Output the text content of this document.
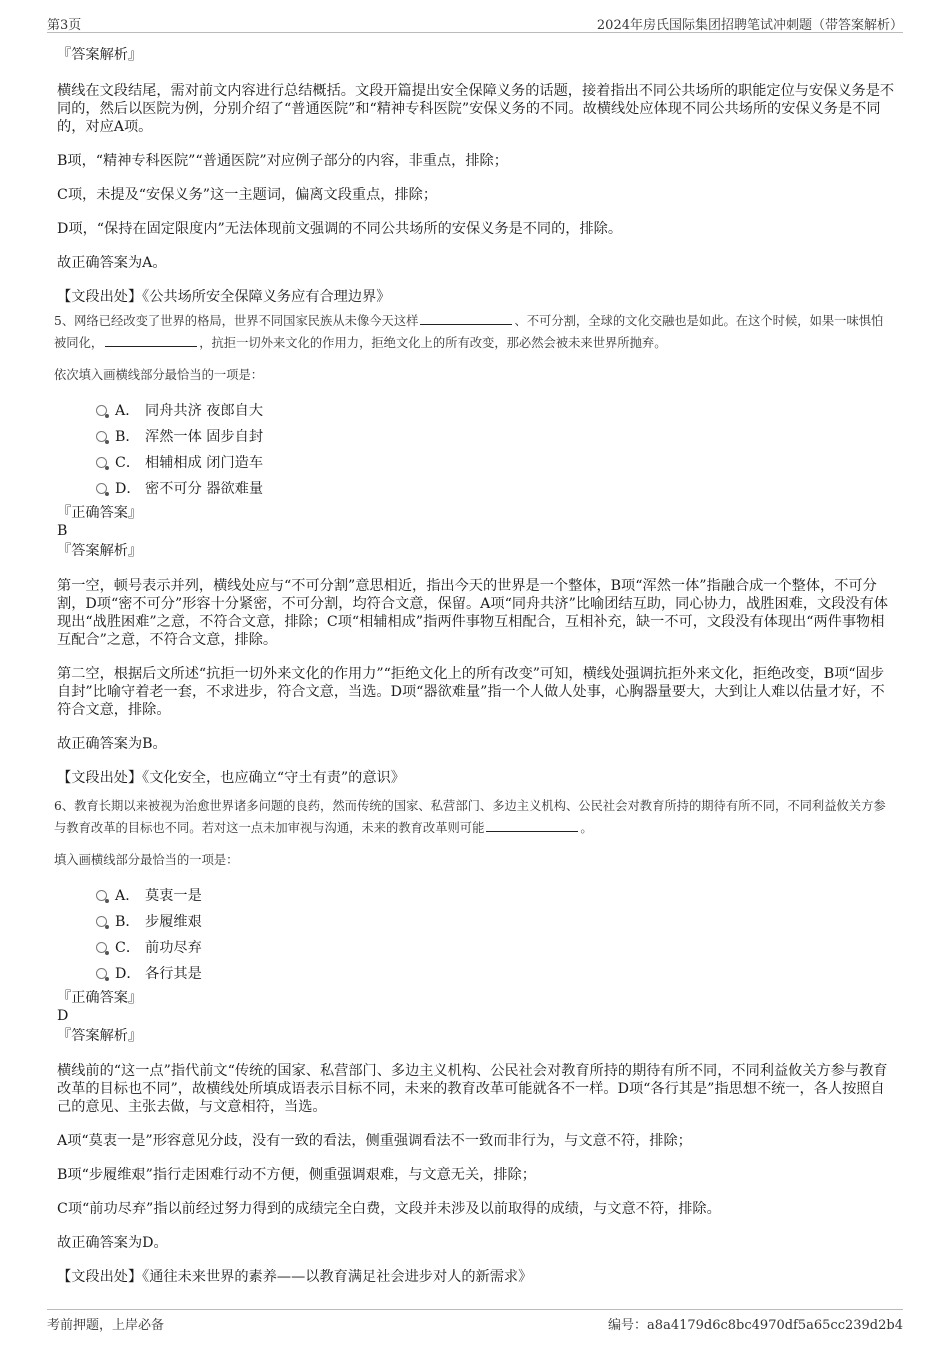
第3页	2024年房氏国际集团招聘笔试冲刺题（带答案解析）

『答案解析』

横线在文段结尾，需对前文内容进行总结概括。文段开篇提出安全保障义务的话题，接着指出不同公共场所的职能定位与安保义务是不同的，然后以医院为例，分别介绍了“普通医院”和“精神专科医院”安保义务的不同。故横线处应体现不同公共场所的安保义务是不同的，对应A项。

B项，“精神专科医院”“普通医院”对应例子部分的内容，非重点，排除；

C项，未提及“安保义务”这一主题词，偏离文段重点，排除；

D项，“保持在固定限度内”无法体现前文强调的不同公共场所的安保义务是不同的，排除。

故正确答案为A。

【文段出处】《公共场所安全保障义务应有合理边界》

5、网络已经改变了世界的格局，世界不同国家民族从未像今天这样	、不可分割，全球的文化交融也是如此。在这个时候，如果一味惧怕被同化，	，抗拒一切外来文化的作用力，拒绝文化上的所有改变，那必然会被未来世界所抛弃。

依次填入画横线部分最恰当的一项是：

A． 同舟共济 夜郎自大
B． 浑然一体 固步自封
C． 相辅相成 闭门造车
D． 密不可分 器欲难量

『正确答案』

B

『答案解析』

第一空，顿号表示并列，横线处应与“不可分割”意思相近，指出今天的世界是一个整体，B项“浑然一体”指融合成一个整体，不可分割，D项“密不可分”形容十分紧密，不可分割，均符合文意，保留。A项“同舟共济”比喻团结互助，同心协力，战胜困难，文段没有体现出“战胜困难”之意，不符合文意，排除；C项“相辅相成”指两件事物互相配合，互相补充，缺一不可，文段没有体现出“两件事物相互配合”之意，不符合文意，排除。

第二空，根据后文所述“抗拒一切外来文化的作用力”“拒绝文化上的所有改变”可知，横线处强调抗拒外来文化，拒绝改变，B项“固步自封”比喻守着老一套，不求进步，符合文意，当选。D项“器欲难量”指一个人做人处事，心胸器量要大，大到让人难以估量才好，不符合文意，排除。

故正确答案为B。

【文段出处】《文化安全，也应确立“守土有责”的意识》

6、教育长期以来被视为治愈世界诸多问题的良药，然而传统的国家、私营部门、多边主义机构、公民社会对教育所持的期待有所不同，不同利益攸关方参与教育改革的目标也不同。若对这一点未加审视与沟通，未来的教育改革则可能	。

填入画横线部分最恰当的一项是：

A． 莫衷一是
B． 步履维艰
C． 前功尽弃
D． 各行其是

『正确答案』

D

『答案解析』

横线前的“这一点”指代前文“传统的国家、私营部门、多边主义机构、公民社会对教育所持的期待有所不同，不同利益攸关方参与教育改革的目标也不同”，故横线处所填成语表示目标不同，未来的教育改革可能就各不一样。D项“各行其是”指思想不统一，各人按照自己的意见、主张去做，与文意相符，当选。

A项“莫衷一是”形容意见分歧，没有一致的看法，侧重强调看法不一致而非行为，与文意不符，排除；

B项“步履维艰”指行走困难行动不方便，侧重强调艰难，与文意无关，排除；

C项“前功尽弃”指以前经过努力得到的成绩完全白费，文段并未涉及以前取得的成绩，与文意不符，排除。

故正确答案为D。

【文段出处】《通往未来世界的素养——以教育满足社会进步对人的新需求》

考前押题，上岸必备	编号：a8a4179d6c8bc4970df5a65cc239d2b4
